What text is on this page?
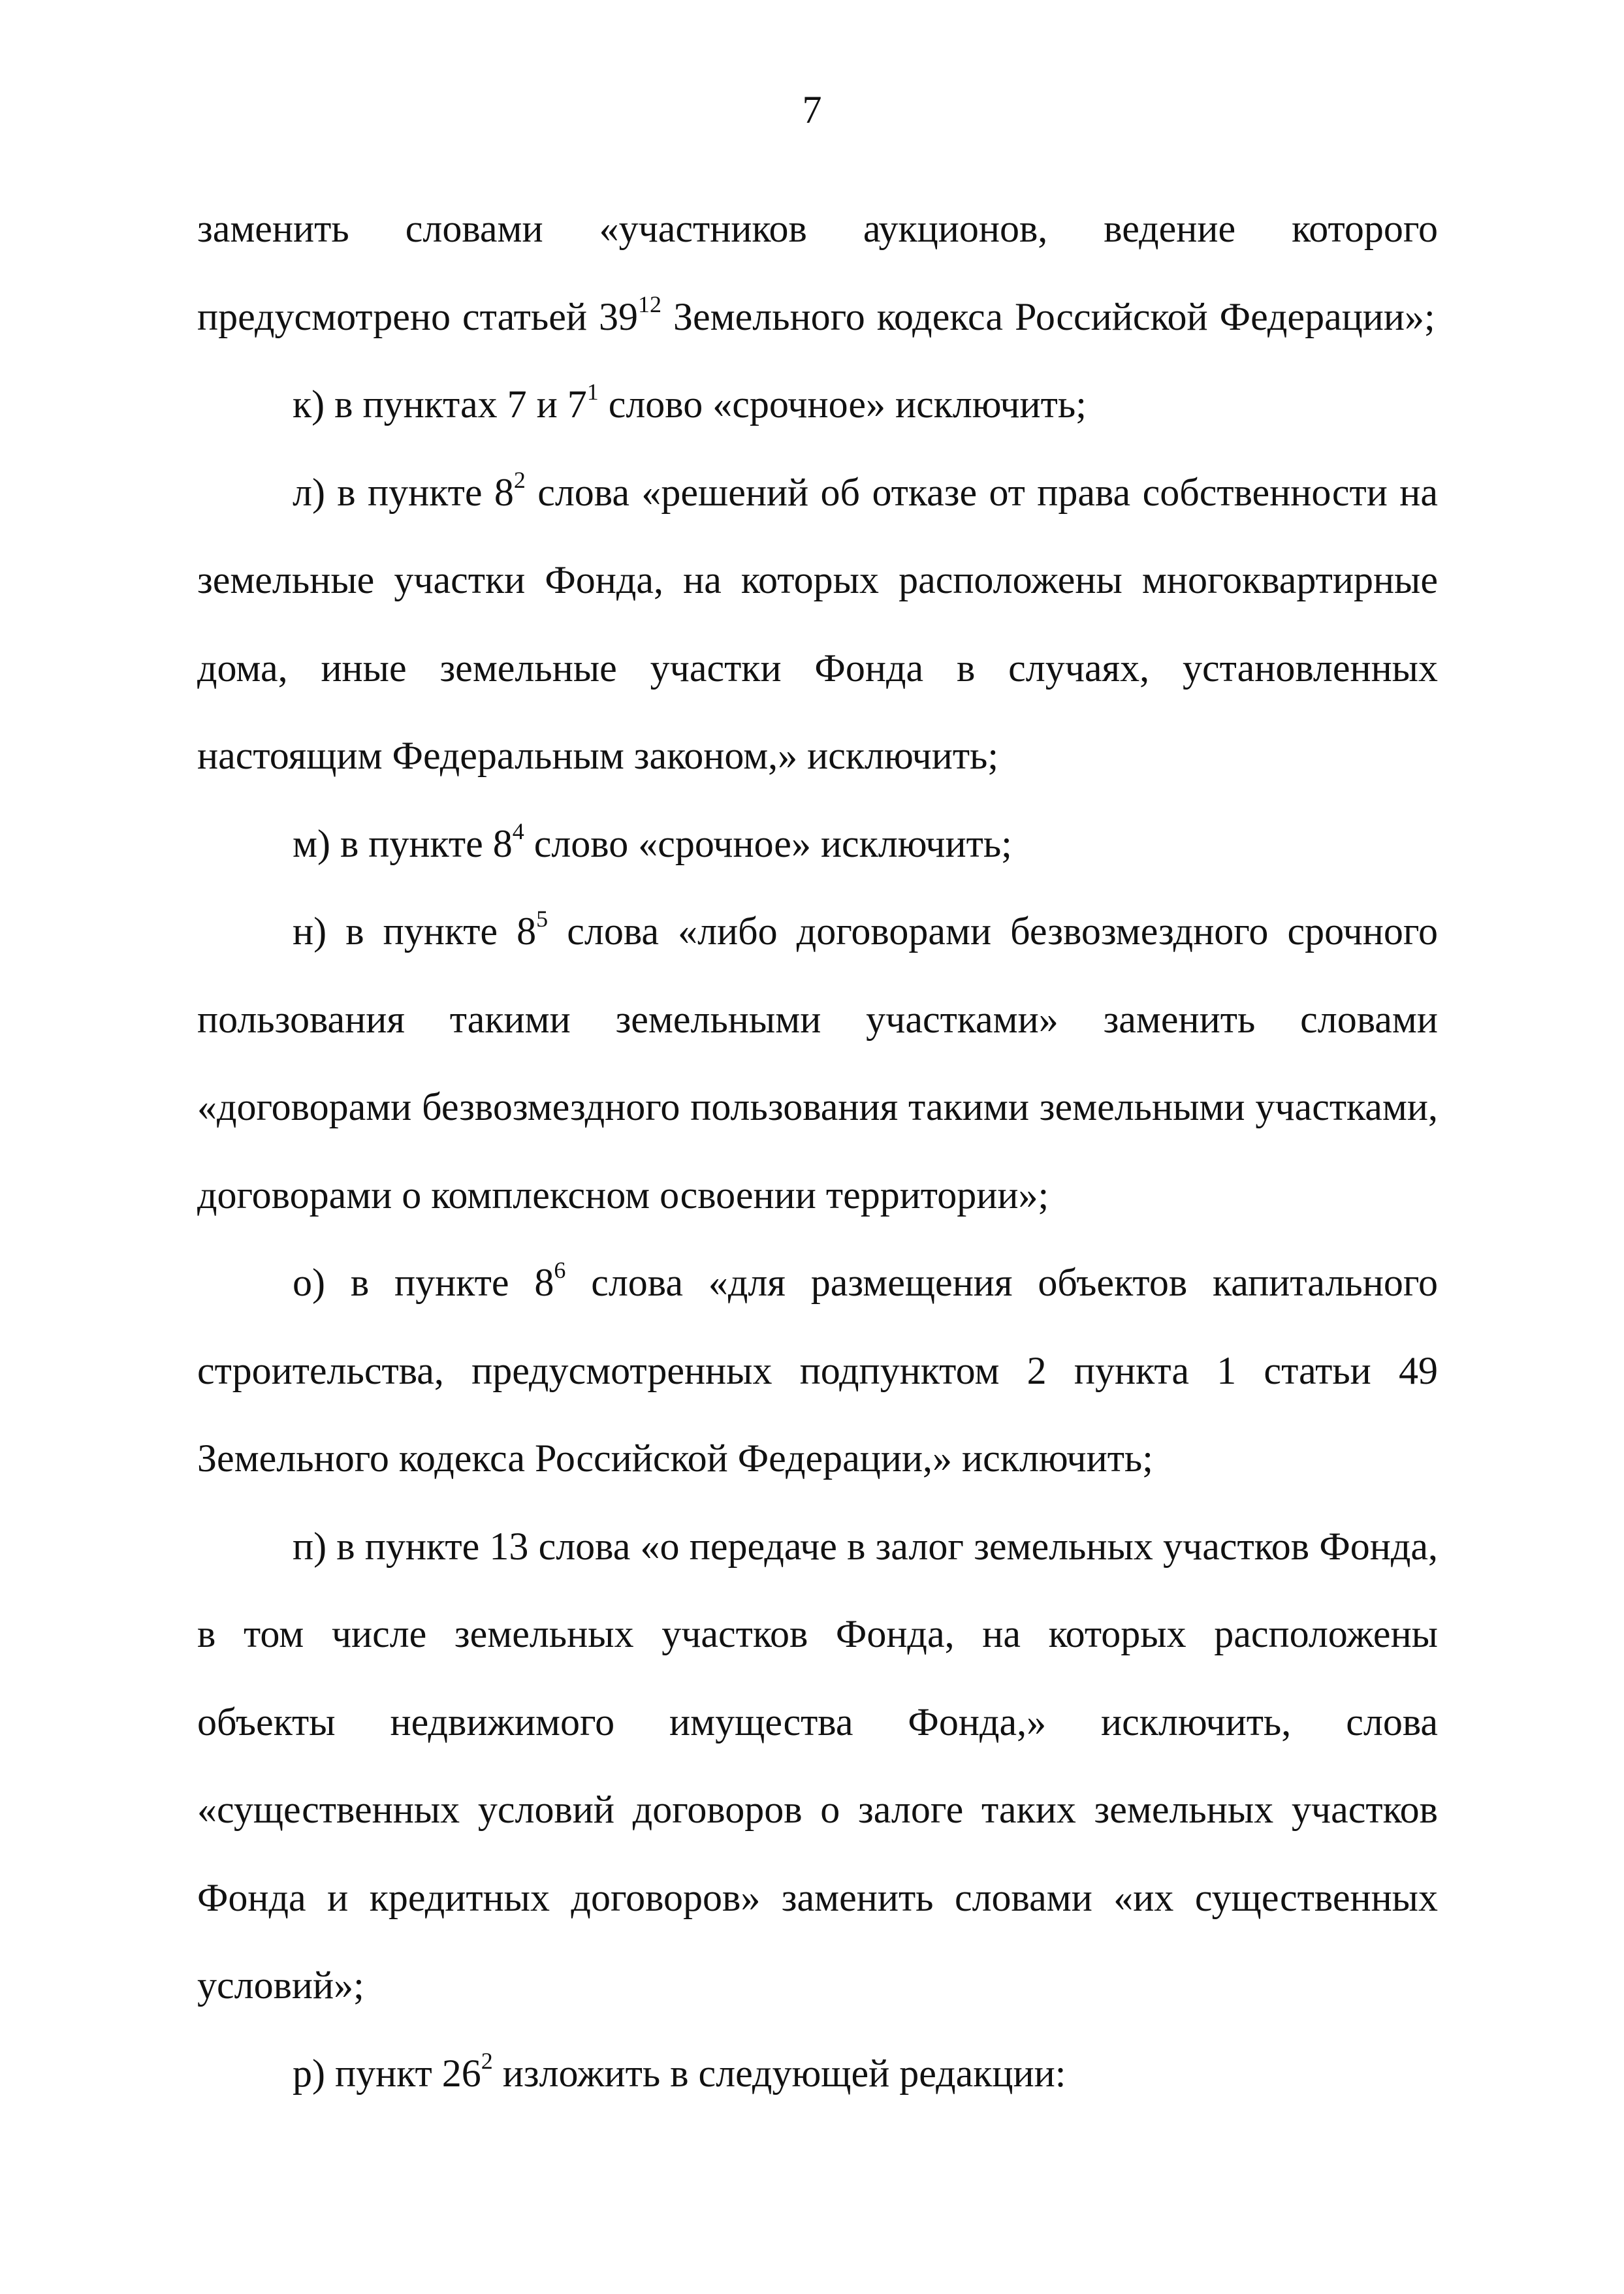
7

заменить словами «участников аукционов, ведение которого предусмотрено статьей $39^{12}$ Земельного кодекса Российской Федерации»;

к) в пунктах 7 и $7^1$ слово «срочное» исключить;

л) в пункте $8^2$ слова «решений об отказе от права собственности на земельные участки Фонда, на которых расположены многоквартирные дома, иные земельные участки Фонда в случаях, установленных настоящим Федеральным законом,» исключить;

м) в пункте $8^4$ слово «срочное» исключить;

н) в пункте $8^5$ слова «либо договорами безвозмездного срочного пользования такими земельными участками» заменить словами «договорами безвозмездного пользования такими земельными участками, договорами о комплексном освоении территории»;

о) в пункте $8^6$ слова «для размещения объектов капитального строительства, предусмотренных подпунктом 2 пункта 1 статьи 49 Земельного кодекса Российской Федерации,» исключить;

п) в пункте 13 слова «о передаче в залог земельных участков Фонда, в том числе земельных участков Фонда, на которых расположены объекты недвижимого имущества Фонда,» исключить, слова «существенных условий договоров о залоге таких земельных участков Фонда и кредитных договоров» заменить словами «их существенных условий»;

р) пункт $26^2$ изложить в следующей редакции:
